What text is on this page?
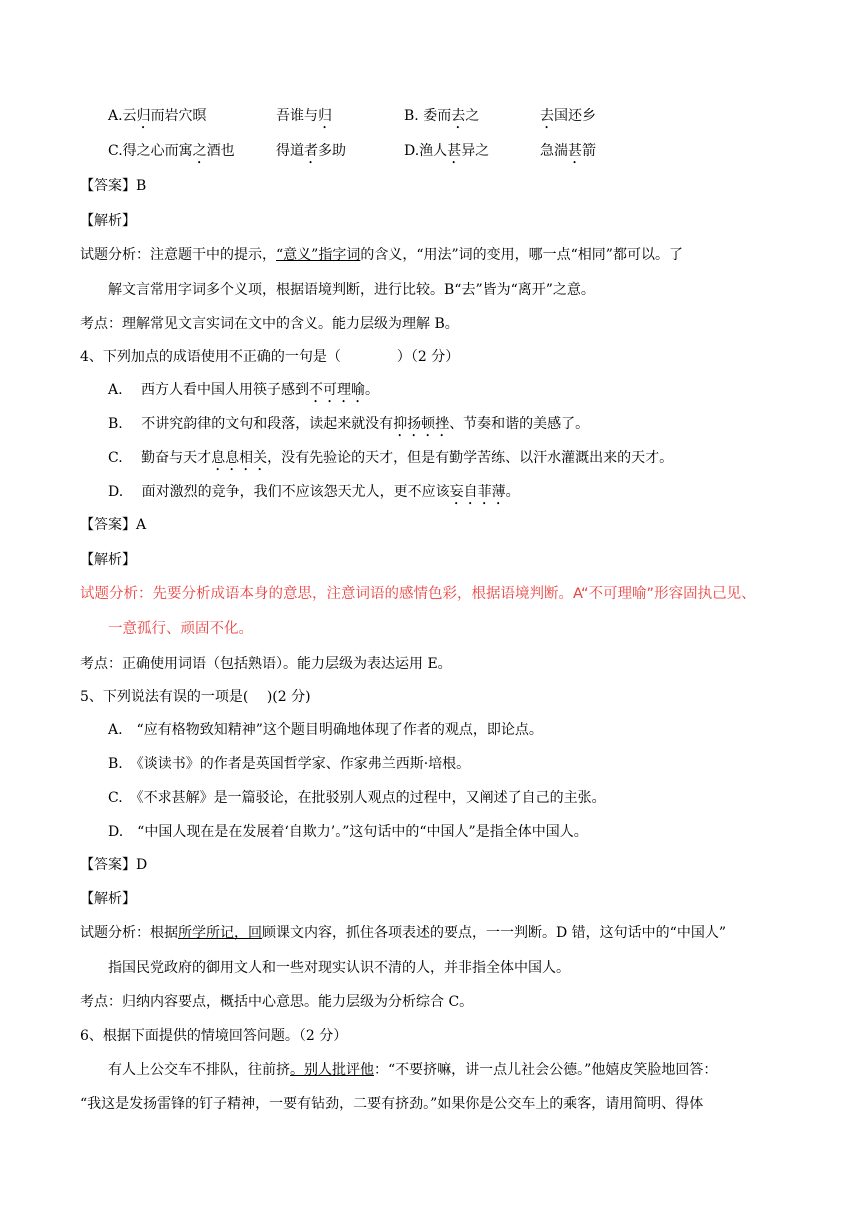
A.云归而岩穴暝	吾谁与归	B. 委而去之	去国还乡
C.得之心而寓之酒也	得道者多助	D.渔人甚异之	急湍甚箭
【答案】B
【解析】
试题分析：注意题干中的提示，“意义”指字词的含义，“用法”词的变用，哪一点“相同”都可以。了
解文言常用字词多个义项，根据语境判断，进行比较。B“去”皆为“离开”之意。
考点：理解常见文言实词在文中的含义。能力层级为理解 B。
4、下列加点的成语使用不正确的一句是（　　　　）（2 分）
A.　 西方人看中国人用筷子感到不可理喻。
B.　 不讲究韵律的文句和段落，读起来就没有抑扬顿挫、节奏和谐的美感了。
C.　 勤奋与天才息息相关，没有先验论的天才，但是有勤学苦练、以汗水灌溉出来的天才。
D.　 面对激烈的竞争，我们不应该怨天尤人，更不应该妄自菲薄。
【答案】A
【解析】
试题分析：先要分析成语本身的意思，注意词语的感情色彩，根据语境判断。A“不可理喻”形容固执己见、
一意孤行、顽固不化。
考点：正确使用词语（包括熟语）。能力层级为表达运用 E。
5、下列说法有误的一项是(　 )(2 分)
A.　“应有格物致知精神”这个题目明确地体现了作者的观点，即论点。
B.　《谈读书》的作者是英国哲学家、作家弗兰西斯·培根。
C.　《不求甚解》是一篇驳论，在批驳别人观点的过程中，又阐述了自己的主张。
D.　“中国人现在是在发展着‘自欺力’。”这句话中的“中国人”是指全体中国人。
【答案】D
【解析】
试题分析：根据所学所记，回顾课文内容，抓住各项表述的要点，一一判断。D 错，这句话中的“中国人”
指国民党政府的御用文人和一些对现实认识不清的人，并非指全体中国人。
考点：归纳内容要点，概括中心意思。能力层级为分析综合 C。
6、根据下面提供的情境回答问题。（2 分）
有人上公交车不排队，往前挤。别人批评他：“不要挤嘛，讲一点儿社会公德。”他嬉皮笑脸地回答：
“我这是发扬雷锋的钉子精神，一要有钻劲，二要有挤劲。”如果你是公交车上的乘客，请用简明、得体
